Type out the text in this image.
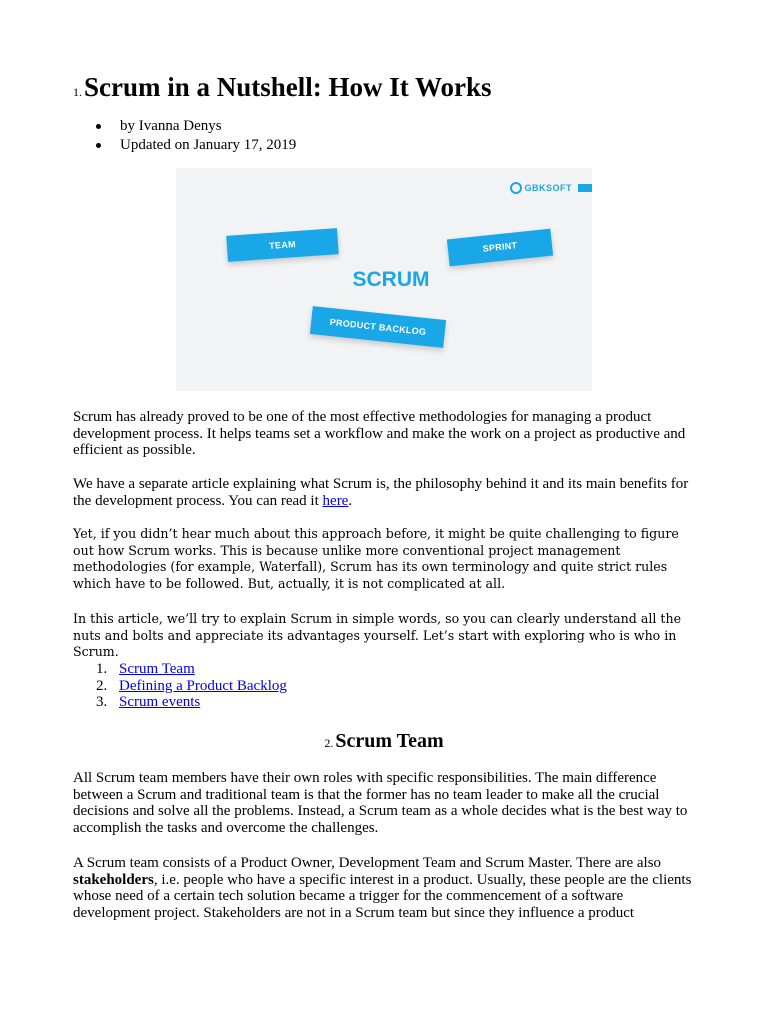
1.Scrum in a Nutshell: How It Works
by Ivanna Denys
Updated on January 17, 2019
GBKSOFT
TEAM	SPRINT
SCRUM
PRODUCT BACKLOG

Scrum has already proved to be one of the most effective methodologies for managing a product development process. It helps teams set a workflow and make the work on a project as productive and efficient as possible.

We have a separate article explaining what Scrum is, the philosophy behind it and its main benefits for the development process. You can read it here.

Yet, if you didn’t hear much about this approach before, it might be quite challenging to figure out how Scrum works. This is because unlike more conventional project management methodologies (for example, Waterfall), Scrum has its own terminology and quite strict rules which have to be followed. But, actually, it is not complicated at all.

In this article, we’ll try to explain Scrum in simple words, so you can clearly understand all the nuts and bolts and appreciate its advantages yourself. Let’s start with exploring who is who in Scrum.

1. Scrum Team
2. Defining a Product Backlog
3. Scrum events
2. Scrum Team

All Scrum team members have their own roles with specific responsibilities. The main difference between a Scrum and traditional team is that the former has no team leader to make all the crucial decisions and solve all the problems. Instead, a Scrum team as a whole decides what is the best way to accomplish the tasks and overcome the challenges.

A Scrum team consists of a Product Owner, Development Team and Scrum Master. There are also stakeholders, i.e. people who have a specific interest in a product. Usually, these people are the clients whose need of a certain tech solution became a trigger for the commencement of a software development project. Stakeholders are not in a Scrum team but since they influence a product
